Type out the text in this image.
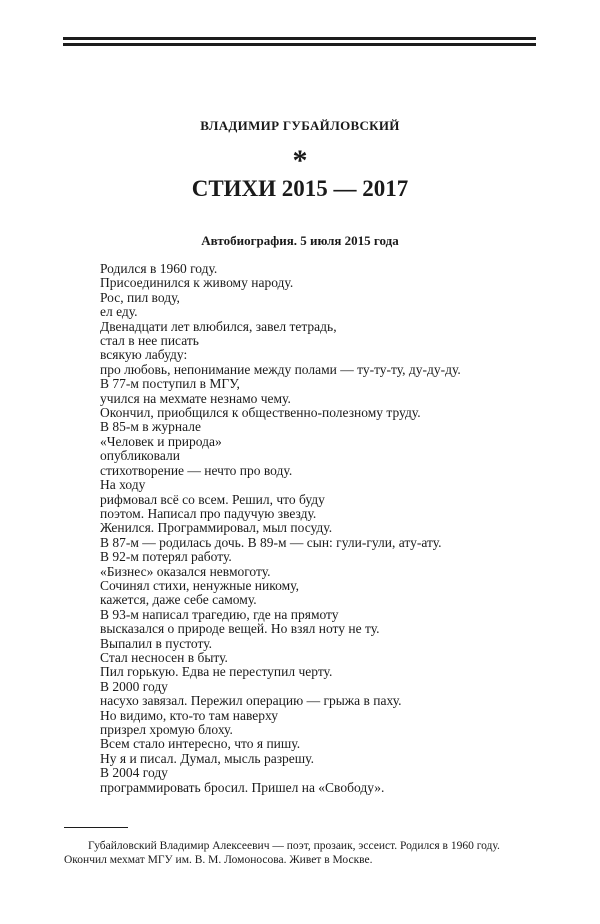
ВЛАДИМИР ГУБАЙЛОВСКИЙ
*
СТИХИ 2015 — 2017
Автобиография. 5 июля 2015 года
Родился в 1960 году.
Присоединился к живому народу.
Рос, пил воду,
ел еду.
Двенадцати лет влюбился, завел тетрадь,
стал в нее писать
всякую лабуду:
про любовь, непонимание между полами — ту-ту-ту, ду-ду-ду.
В 77-м поступил в МГУ,
учился на мехмате незнамо чему.
Окончил, приобщился к общественно-полезному труду.
В 85-м в журнале
«Человек и природа»
опубликовали
стихотворение — нечто про воду.
На ходу
рифмовал всё со всем. Решил, что буду
поэтом. Написал про падучую звезду.
Женился. Программировал, мыл посуду.
В 87-м — родилась дочь. В 89-м — сын: гули-гули, ату-ату.
В 92-м потерял работу.
«Бизнес» оказался невмоготу.
Сочинял стихи, ненужные никому,
кажется, даже себе самому.
В 93-м написал трагедию, где на прямоту
высказался о природе вещей. Но взял ноту не ту.
Выпалил в пустоту.
Стал несносен в быту.
Пил горькую. Едва не переступил черту.
В 2000 году
насухо завязал. Пережил операцию — грыжа в паху.
Но видимо, кто-то там наверху
призрел хромую блоху.
Всем стало интересно, что я пишу.
Ну я и писал. Думал, мысль разрешу.
В 2004 году
программировать бросил. Пришел на «Свободу».

Губайловский Владимир Алексеевич — поэт, прозаик, эссеист. Родился в 1960 году.

Окончил мехмат МГУ им. В. М. Ломоносова. Живет в Москве.
